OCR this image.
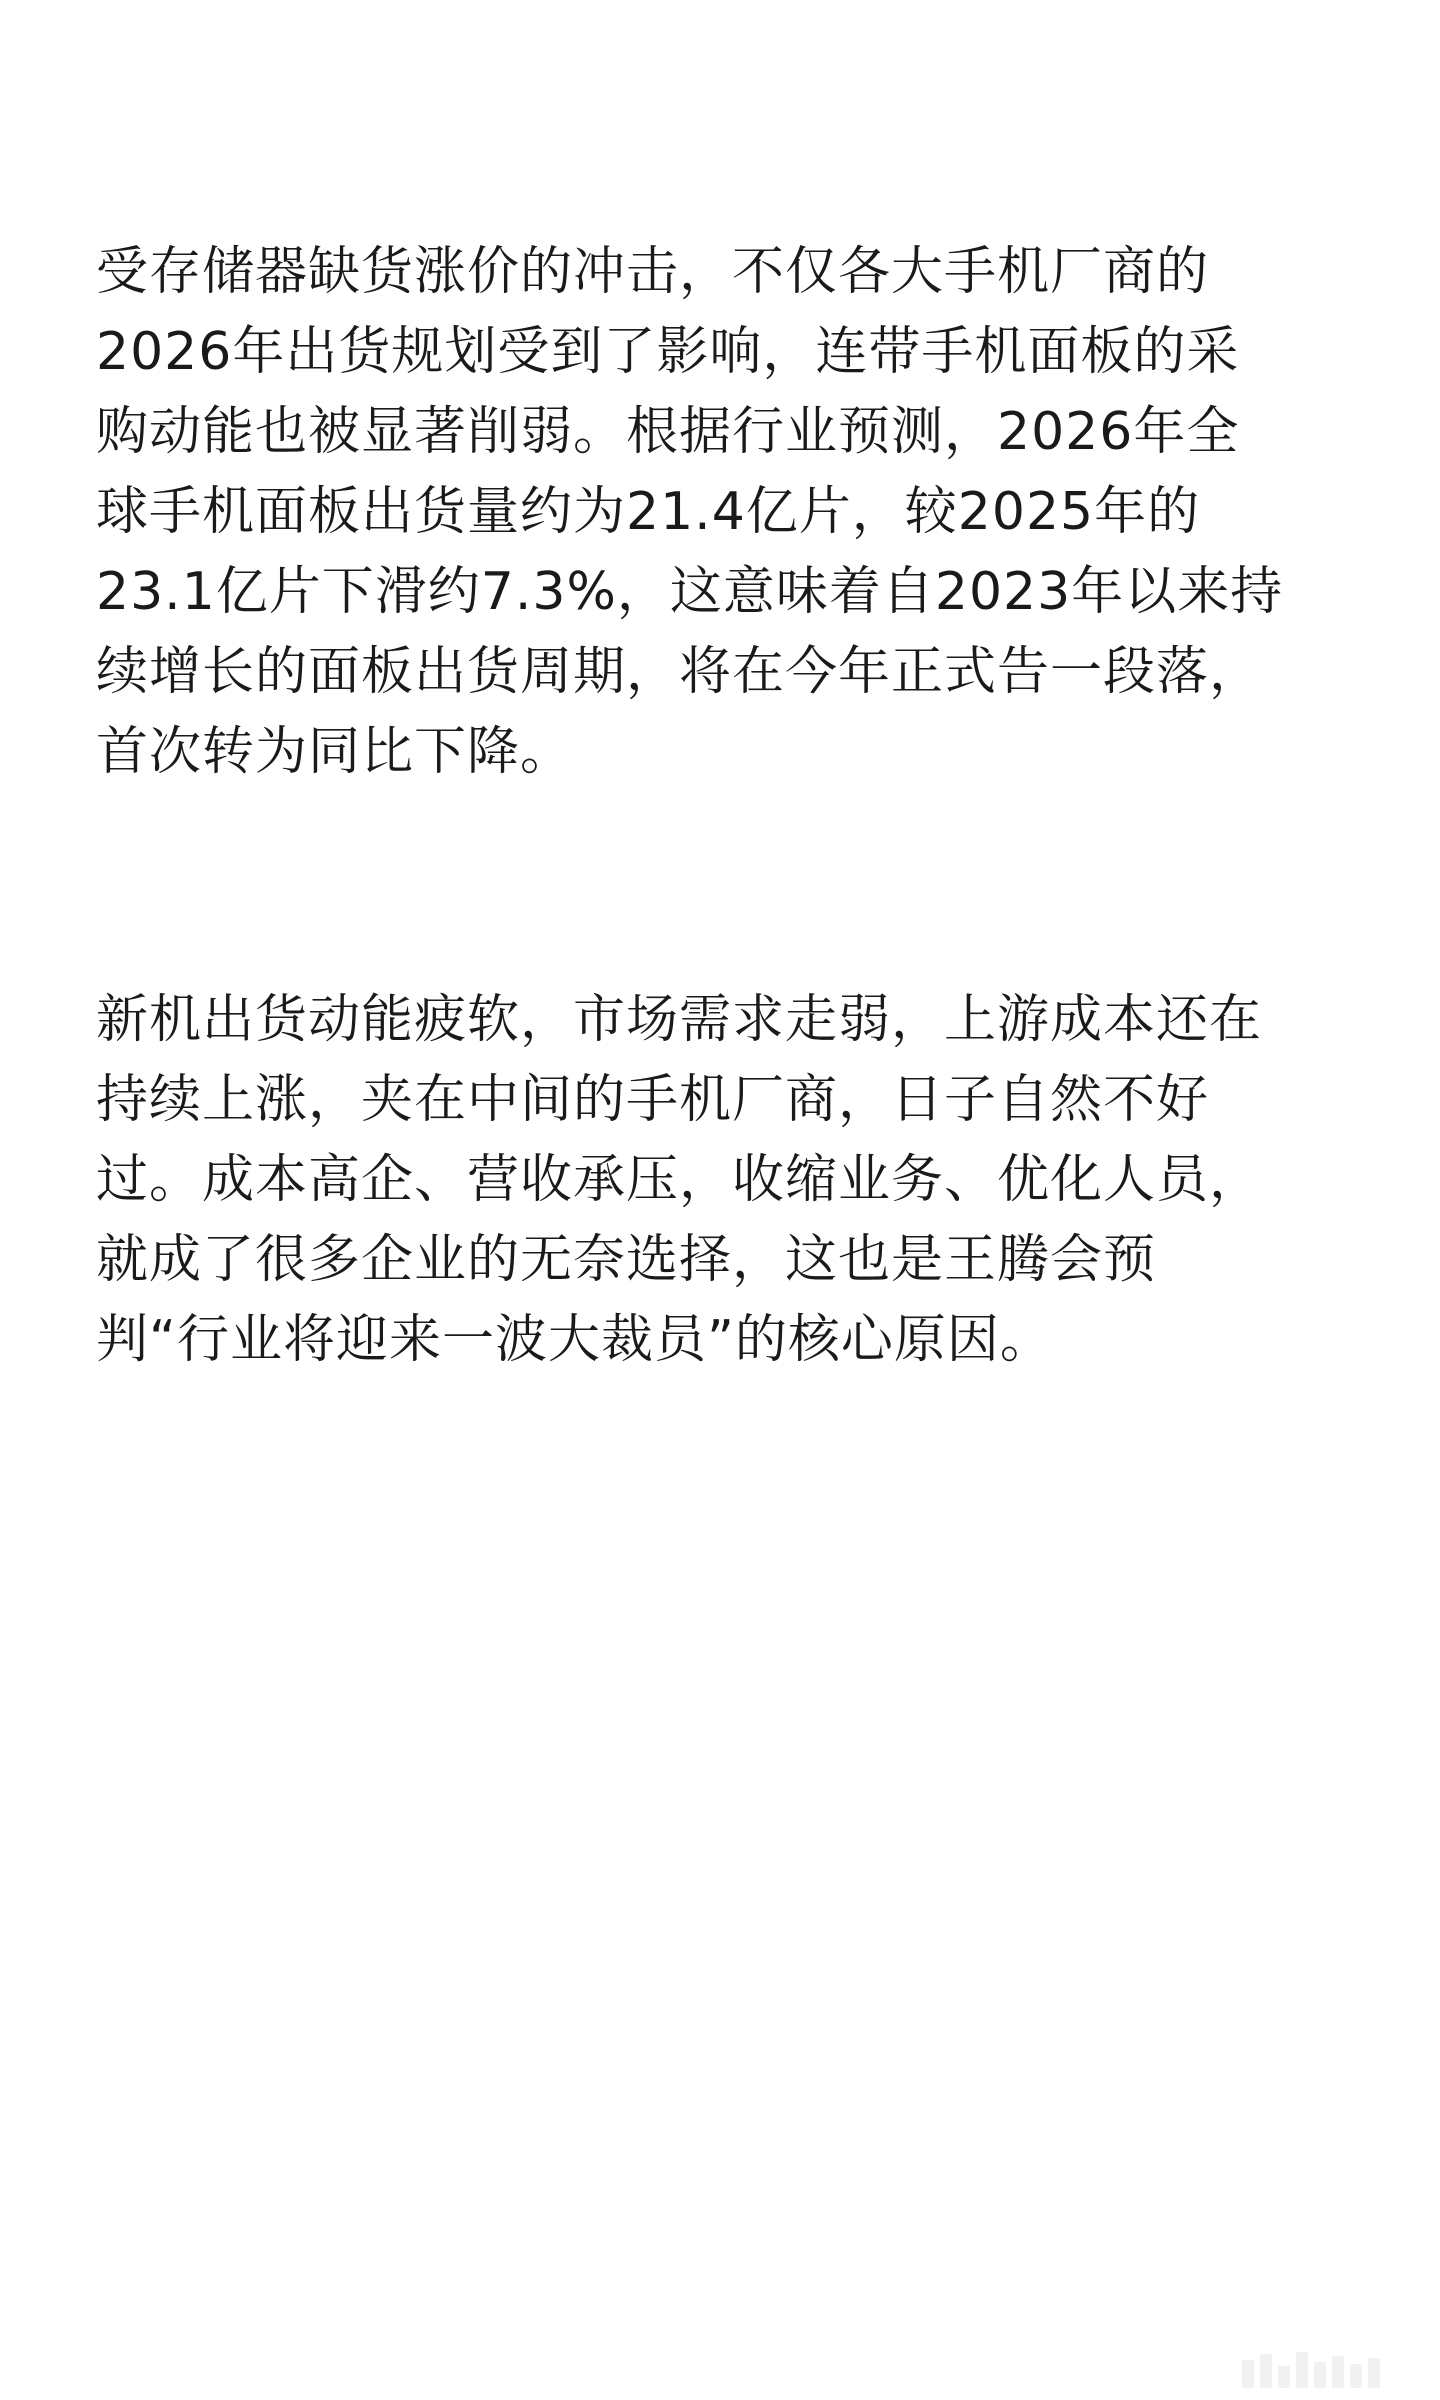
受存储器缺货涨价的冲击，不仅各大手机厂商的
2026年出货规划受到了影响，连带手机面板的采
购动能也被显著削弱。根据行业预测，2026年全
球手机面板出货量约为21.4亿片，较2025年的
23.1亿片下滑约7.3%，这意味着自2023年以来持
续增长的面板出货周期，将在今年正式告一段落，
首次转为同比下降。

新机出货动能疲软，市场需求走弱，上游成本还在
持续上涨，夹在中间的手机厂商，日子自然不好
过。成本高企、营收承压，收缩业务、优化人员，
就成了很多企业的无奈选择，这也是王腾会预
判“行业将迎来一波大裁员”的核心原因。
